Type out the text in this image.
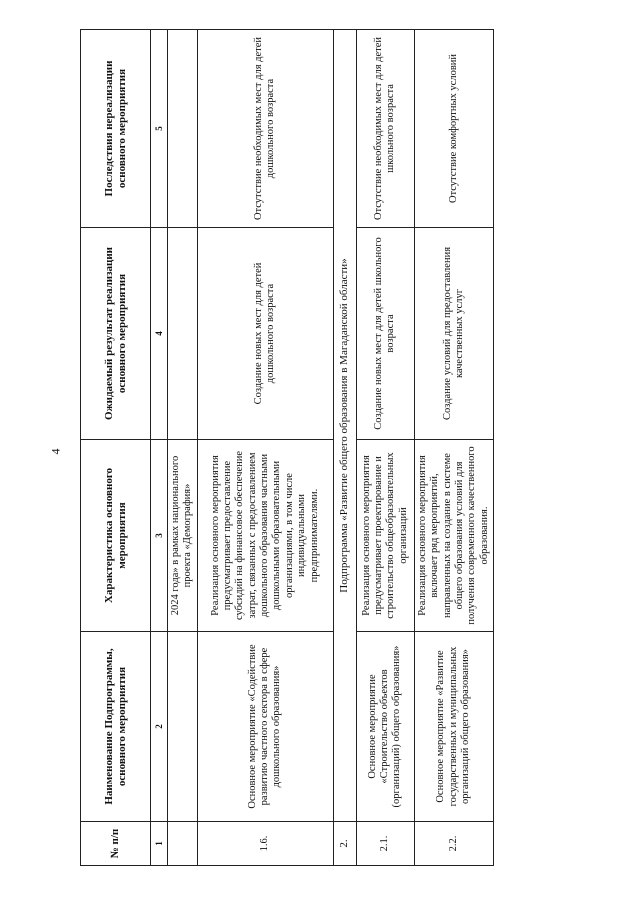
4
№ п/п	Наименование Подпрограммы, основного мероприятия	Характеристика основного мероприятия	Ожидаемый результат реализации основного мероприятия	Последствия нереализации основного мероприятия
1	2	3	4	5
		2024 года» в рамках национального проекта «Демография»		
1.6.	Основное мероприятие «Содействие развитию частного сектора в сфере дошкольного образования»	Реализация основного мероприятия предусматривает предоставление субсидий на финансовое обеспечение затрат, связанных с предоставлением дошкольного образования частными дошкольными образовательными организациями, в том числе индивидуальными предпринимателями.	Создание новых мест для детей дошкольного возраста	Отсутствие необходимых мест для детей дошкольного возраста
2.	Подпрограмма «Развитие общего образования в Магаданской области»			
2.1.	Основное мероприятие «Строительство объектов (организаций) общего образования»	Реализация основного мероприятия предусматривает проектирование и строительство общеобразовательных организаций	Создание новых мест для детей школьного возраста	Отсутствие необходимых мест для детей школьного возраста
2.2.	Основное мероприятие «Развитие государственных и муниципальных организаций общего образования»	Реализация основного мероприятия включает ряд мероприятий, направленных на создание в системе общего образования условий для получения современного качественного образования.	Создание условий для предоставления качественных услуг	Отсутствие комфортных условий
